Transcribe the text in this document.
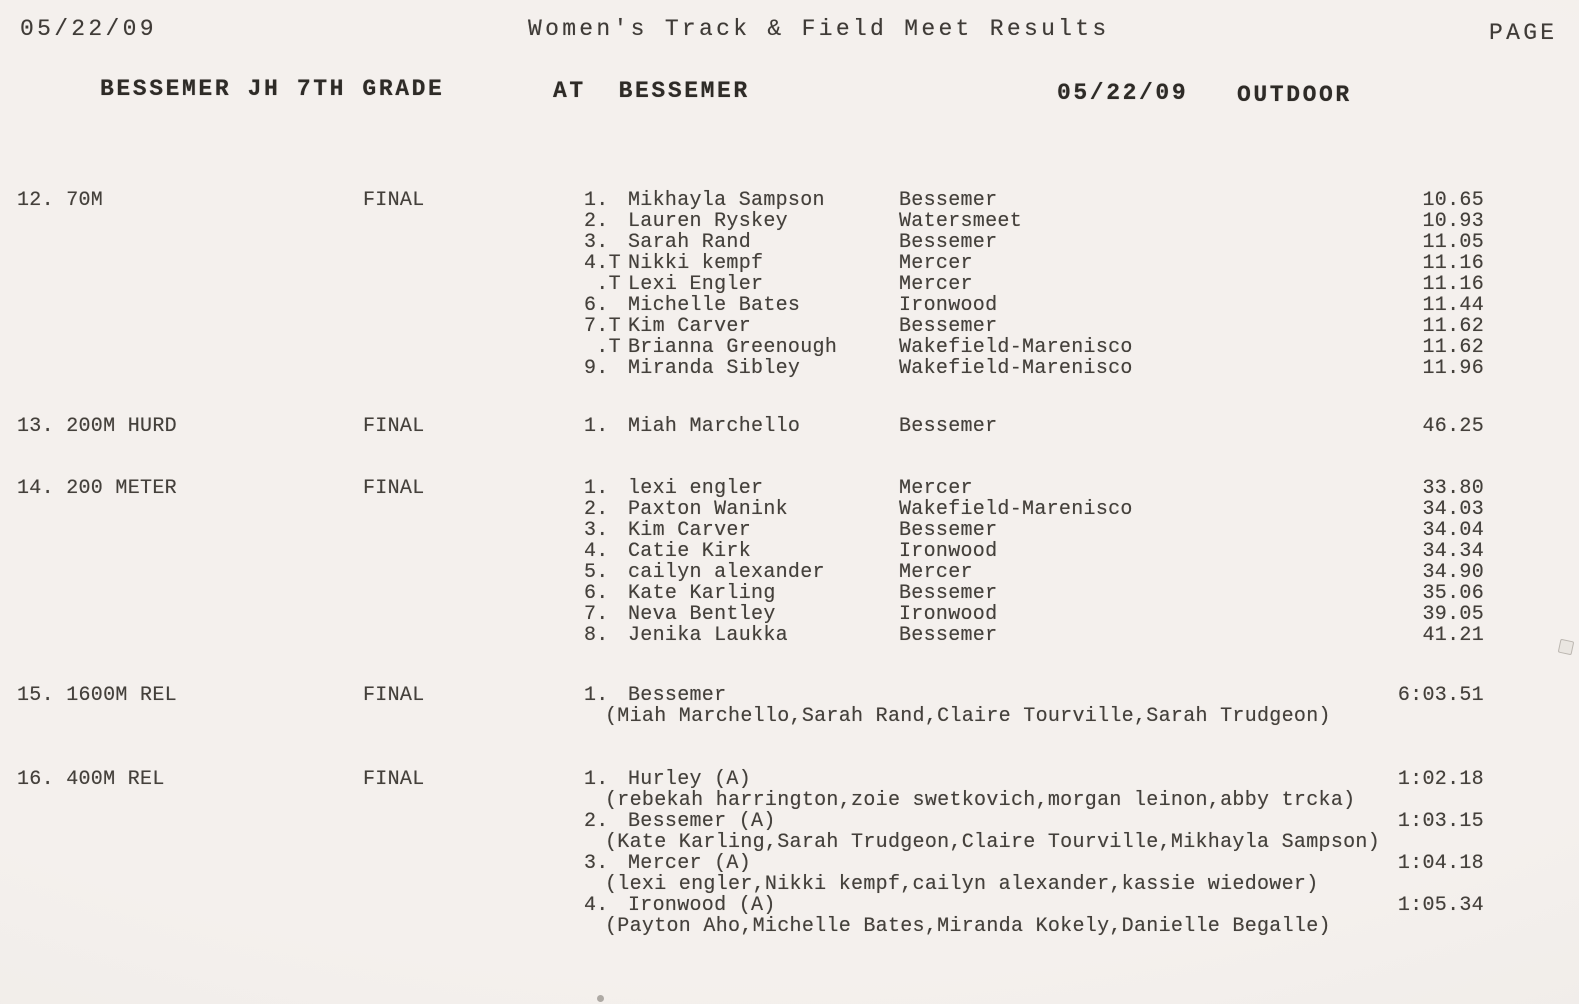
05/22/09	Women's Track & Field Meet Results	PAGE
BESSEMER JH 7TH GRADE	AT  BESSEMER	05/22/09 OUTDOOR
12. 70M	FINAL	1. Mikhayla Sampson	Bessemer	10.65
2. Lauren Ryskey	Watersmeet	10.93
3. Sarah Rand	Bessemer	11.05
4.T Nikki kempf	Mercer	11.16
.T Lexi Engler	Mercer	11.16
6. Michelle Bates	Ironwood	11.44
7.T Kim Carver	Bessemer	11.62
.T Brianna Greenough	Wakefield-Marenisco	11.62
9. Miranda Sibley	Wakefield-Marenisco	11.96
13. 200M HURD	FINAL	1. Miah Marchello	Bessemer	46.25
14. 200 METER	FINAL	1. lexi engler	Mercer	33.80
2. Paxton Wanink	Wakefield-Marenisco	34.03
3. Kim Carver	Bessemer	34.04
4. Catie Kirk	Ironwood	34.34
5. cailyn alexander	Mercer	34.90
6. Kate Karling	Bessemer	35.06
7. Neva Bentley	Ironwood	39.05
8. Jenika Laukka	Bessemer	41.21
15. 1600M REL	FINAL	1. Bessemer	6:03.51
(Miah Marchello,Sarah Rand,Claire Tourville,Sarah Trudgeon)
16. 400M REL	FINAL	1. Hurley (A)	1:02.18
(rebekah harrington,zoie swetkovich,morgan leinon,abby trcka)
2. Bessemer (A)	1:03.15
(Kate Karling,Sarah Trudgeon,Claire Tourville,Mikhayla Sampson)
3. Mercer (A)	1:04.18
(lexi engler,Nikki kempf,cailyn alexander,kassie wiedower)
4. Ironwood (A)	1:05.34
(Payton Aho,Michelle Bates,Miranda Kokely,Danielle Begalle)
